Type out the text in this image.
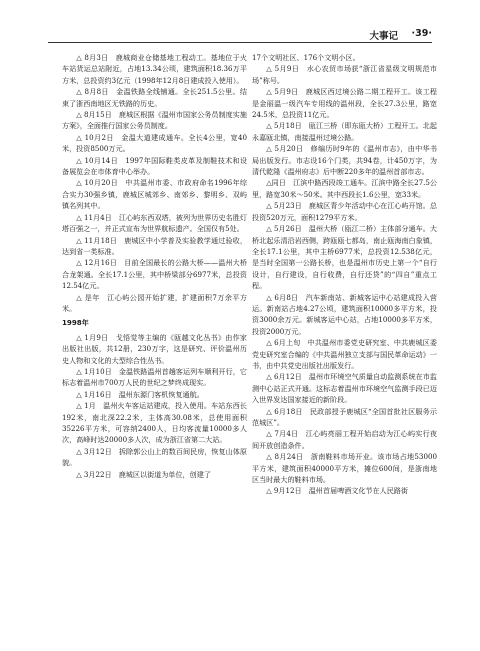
大事记 ·39·

△ 8月3日　鹿城商业仓储基地工程动工。基地位于火车站货运总站附近，占地13.34公顷，建筑面积18.36万平方米，总投资约3亿元（1998年12月8日建成投入使用）。

△ 8月8日　金温铁路全线铺通。全长251.5公里。结束了浙西南地区无铁路的历史。

△ 8月15日　鹿城区根据《温州市国家公务员制度实施方案》，全面推行国家公务员制度。

△ 10月2日　金温大道建成通车。全长4公里，宽40米，投资8500万元。

△ 10月14日　1997年国际鞋类皮革及制鞋技术和设备展览会在市体育中心举办。

△ 10月20日　中共温州市委、市政府命名1996年综合实力30强乡镇，鹿城区城郊乡、南郊乡、黎明乡、双屿镇名列其中。

△ 11月4日　江心屿东西双塔，被列为世界历史名胜灯塔百强之一，并正式宣布为世界航标遗产。全国仅有5处。

△ 11月18日　鹿城区中小学普及实验教学通过验收，达到省一类标准。

△ 12月16日　目前全国最长的公路大桥——温州大桥合龙架通。全长17.1公里，其中桥梁部分6977米，总投资12.54亿元。

△ 是年　江心屿公园开始扩建，扩建面积7万余平方米。

1998年

△ 1月9日　戈悟觉等主编的《瓯越文化丛书》由作家出版社出版，共12册，230万字，这是研究、评价温州历史人物和文化的大型综合性丛书。

△ 1月10日　金温铁路温州首趟客运列车顺利开行，它标志着温州市700万人民的世纪之梦终成现实。

△ 1月16日　温州东源门客机恢复通航。

△ 1月　温州火车客运站建成，投入使用。车站东西长192米，南北深22.2米，主体高30.08米，总使用面积35226平方米，可容纳2400人，日均客流量10000多人次，高峰时达20000多人次，成为浙江省第二大站。

△ 3月12日　拆除郭公山上的数百间民房，恢复山体原貌。

△ 3月22日　鹿城区以街道为单位，创建了

17个文明社区、176个文明小区。

△ 5月9日　水心农贸市场获“浙江省星级文明规范市场”称号。

△ 5月9日　鹿城区西过境公路二期工程开工。该工程是金丽温一级汽车专用线的温州段，全长27.3公里，路宽24.5米，总投资11亿元。

△ 5月18日　瓯江三桥（即东瓯大桥）工程开工。北起永嘉瓯北镇，南接温州过境公路。

△ 5月20日　修编历时9年的《温州市志》，由中华书局出版发行。市志设16个门类，共94卷，计450万字，为清代乾隆《温州府志》后中断220多年的温州首部市志。

△同日　江滨中路西段竣工通车。江滨中路全长27.5公里，路宽30米～50米。其中西段长1.6公里，宽33米。

△ 5月23日　鹿城区青少年活动中心在江心屿开馆。总投资520万元，面积1279平方米。

△ 5月26日　温州大桥（瓯江二桥）主体部分通车。大桥北起乐清沿岩西侧，跨瓯瓯七都岛，南止瓯海南白象镇，全长17.1公里，其中主桥6977米，总投资12.538亿元，是当时全国第一公路长桥，也是温州市历史上第一个“自行设计，自行建设，自行收费，自行还贷”的“四自”重点工程。

△ 6月8日　汽车新南站、新城客运中心站建成投入营运。新南站占地4.27公顷，建筑面积10000多平方米，投资3000余万元。新城客运中心站，占地10000多平方米，投资2000万元。

△ 6月上旬　中共温州市委党史研究室、中共鹿城区委党史研究室合编的《中共温州独立支部与国民革命运动》一书，由中共党史出版社出版发行。

△ 6月12日　温州市环境空气质量自动监测系统在市监测中心站正式开通。这标志着温州市环境空气监测手段已迈入世界发达国家接近的新阶段。

△ 6月18日　民政部授予鹿城区“全国首批社区服务示范城区”。

△ 7月4日　江心屿亮丽工程开始启动为江心屿实行夜间开放创造条件。

△ 8月24日　浙南鞋料市场开业。该市场占地53000平方米，建筑面积40000平方米，摊位600间，是浙南地区当时最大的鞋料市场。

△ 9月12日　温州首届啤酒文化节在人民路街
